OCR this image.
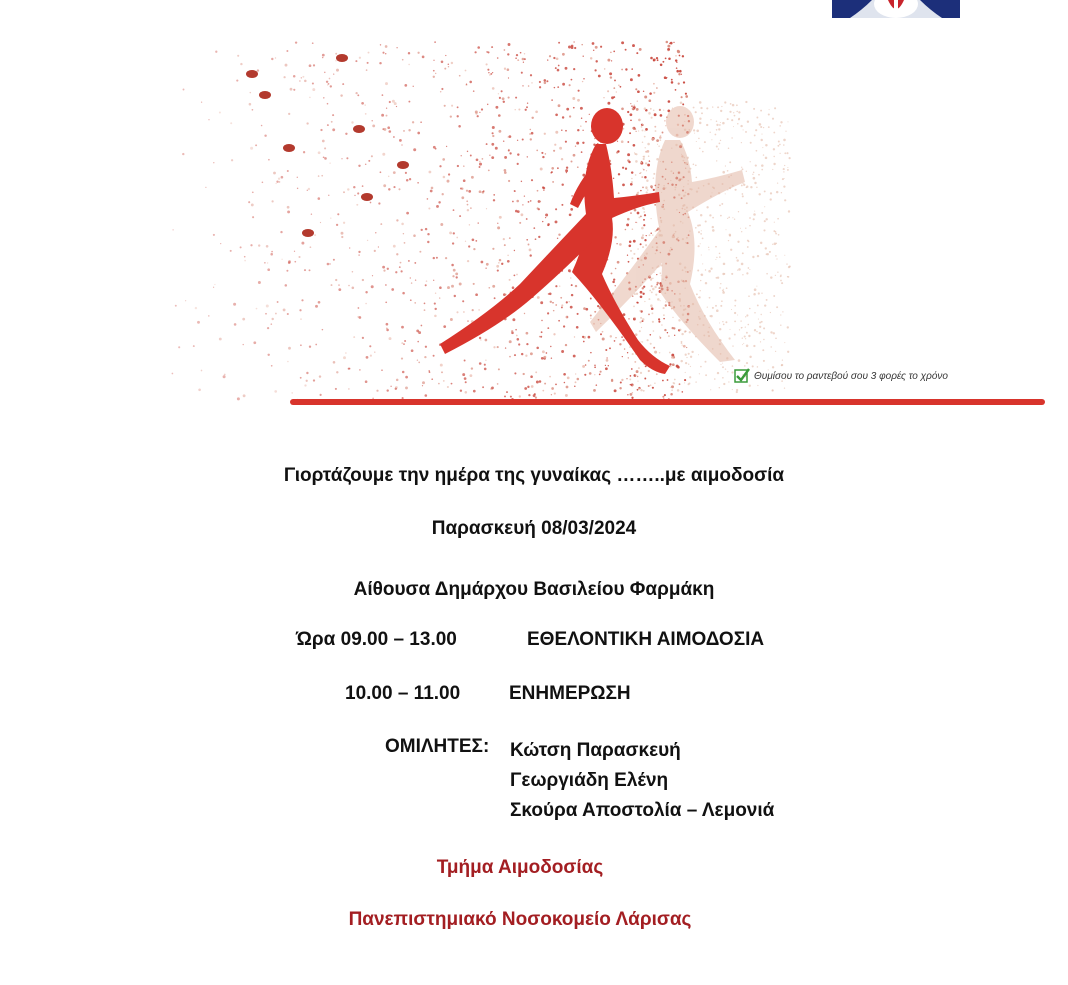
Θυμίσου το ραντεβού σου 3 φορές το χρόνο
Γιορτάζουμε την ημέρα της γυναίκας ……..με αιμοδοσία
Παρασκευή 08/03/2024
Αίθουσα Δημάρχου Βασιλείου Φαρμάκη
Ώρα 09.00 – 13.00	ΕΘΕΛΟΝΤΙΚΗ ΑΙΜΟΔΟΣΙΑ
10.00 – 11.00	ΕΝΗΜΕΡΩΣΗ
ΟΜΙΛΗΤΕΣ: Κώτση Παρασκευή
Γεωργιάδη Ελένη
Σκούρα Αποστολία – Λεμονιά
Τμήμα Αιμοδοσίας
Πανεπιστημιακό Νοσοκομείο Λάρισας
